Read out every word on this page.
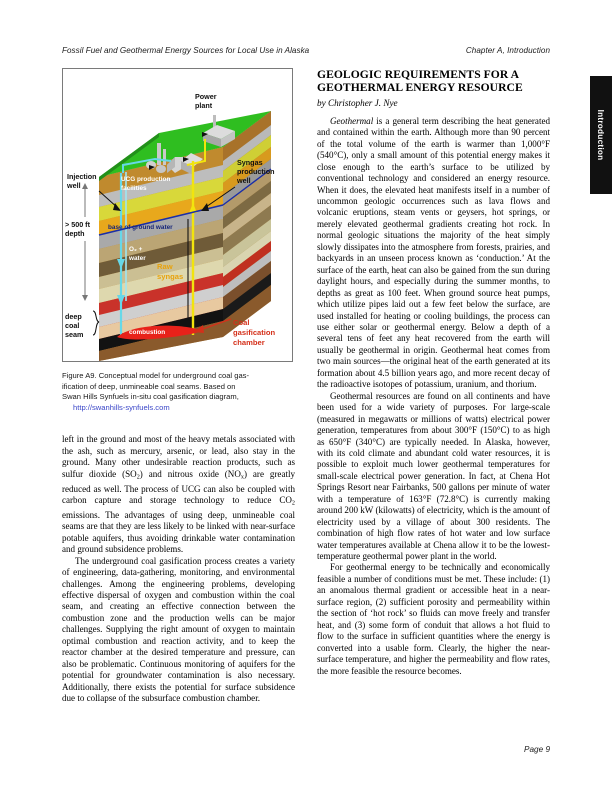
Fossil Fuel and Geothermal Energy Sources for Local Use in Alaska	Chapter A, Introduction
Introduction
base of ground water
O₂ +
water
Raw
syngas
combustion
Injection
well
Power
plant
Syngas
production
well
UCG production
facilities
> 500 ft
depth
deep
coal
seam
Coal
gasification
chamber
Figure A9. Conceptual model for underground coal gas-
ification of deep, unmineable coal seams. Based on
Swan Hills Synfuels in-situ coal gasification diagram,
http://swanhills-synfuels.com

left in the ground and most of the heavy metals associated with the ash, such as mercury, arsenic, or lead, also stay in the ground. Many other undesirable reaction products, such as sulfur dioxide $(SO_2)$ and nitrous oxide $(NO_x)$ are greatly reduced as well. The process of UCG can also be coupled with carbon capture and storage technology to reduce $CO_2$ emissions. The advantages of using deep, unmineable coal seams are that they are less likely to be linked with near-surface potable aquifers, thus avoiding drinkable water contamination and ground subsidence problems.

The underground coal gasification process creates a variety of engineering, data-gathering, monitoring, and environmental challenges. Among the engineering problems, developing effective dispersal of oxygen and combustion within the coal seam, and creating an effective connection between the combustion zone and the production wells can be major challenges. Supplying the right amount of oxygen to maintain optimal combustion and reaction activity, and to keep the reactor chamber at the desired temperature and pressure, can also be problematic. Continuous monitoring of aquifers for the potential for groundwater contamination is also necessary. Additionally, there exists the potential for surface subsidence due to collapse of the subsurface combustion chamber.

GEOLOGIC REQUIREMENTS FOR A
GEOTHERMAL ENERGY RESOURCE
by Christopher J. Nye

Geothermal is a general term describing the heat generated and contained within the earth. Although more than 90 percent of the total volume of the earth is warmer than 1,000°F (540°C), only a small amount of this potential energy makes it close enough to the earth’s surface to be utilized by conventional technology and considered an energy resource. When it does, the elevated heat manifests itself in a number of uncommon geologic occurrences such as lava flows and volcanic eruptions, steam vents or geysers, hot springs, or merely elevated geothermal gradients creating hot rock. In normal geologic situations the majority of the heat simply slowly dissipates into the atmosphere from forests, prairies, and backyards in an unseen process known as ‘conduction.’ At the surface of the earth, heat can also be gained from the sun during daylight hours, and especially during the summer months, to depths as great as 100 feet. When ground source heat pumps, which utilize pipes laid out a few feet below the surface, are used installed for heating or cooling buildings, the process can use either solar or geothermal energy. Below a depth of a several tens of feet any heat recovered from the earth will usually be geothermal in origin. Geothermal heat comes from two main sources—the original heat of the earth generated at its formation about 4.5 billion years ago, and more recent decay of the radioactive isotopes of potassium, uranium, and thorium.

Geothermal resources are found on all continents and have been used for a wide variety of purposes. For large-scale (measured in megawatts or millions of watts) electrical power generation, temperatures from about 300°F (150°C) to as high as 650°F (340°C) are typically needed. In Alaska, however, with its cold climate and abundant cold water resources, it is possible to exploit much lower geothermal temperatures for small-scale electrical power generation. In fact, at Chena Hot Springs Resort near Fairbanks, 500 gallons per minute of water with a temperature of 163°F (72.8°C) is currently making around 200 kW (kilowatts) of electricity, which is the amount of electricity used by a village of about 300 residents. The combination of high flow rates of hot water and low surface water temperatures available at Chena allow it to be the lowest-temperature geothermal power plant in the world.

For geothermal energy to be technically and economically feasible a number of conditions must be met. These include: (1) an anomalous thermal gradient or accessible heat in a near-surface region, (2) sufficient porosity and permeability within the section of ‘hot rock’ so fluids can move freely and transfer heat, and (3) some form of conduit that allows a hot fluid to flow to the surface in sufficient quantities where the energy is converted into a usable form. Clearly, the higher the near-surface temperature, and higher the permeability and flow rates, the more feasible the resource becomes.

Page 9
